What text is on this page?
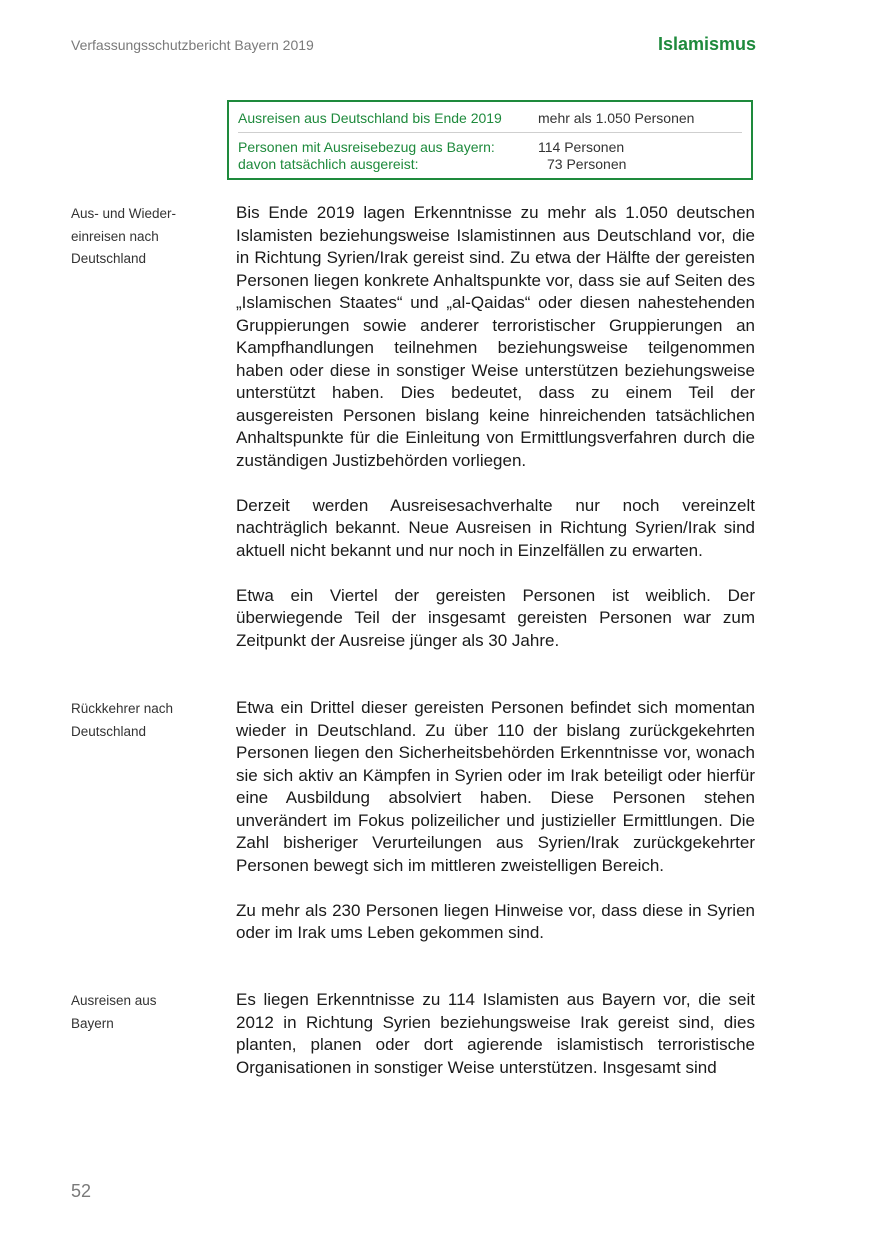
Verfassungsschutzbericht Bayern 2019	Islamismus
Ausreisen aus Deutschland bis Ende 2019	mehr als 1.050 Personen
Personen mit Ausreisebezug aus Bayern:
davon tatsächlich ausgereist:
114 Personen
73 Personen
Aus- und Wieder-
einreisen nach
Deutschland
Rückkehrer nach
Deutschland
Ausreisen aus
Bayern

Bis Ende 2019 lagen Erkenntnisse zu mehr als 1.050 deutschen Islamisten beziehungsweise Islamistinnen aus Deutschland vor, die in Richtung Syrien/Irak gereist sind. Zu etwa der Hälfte der gereisten Personen liegen konkrete Anhaltspunkte vor, dass sie auf Seiten des „Islamischen Staates“ und „al-Qaidas“ oder diesen nahestehenden Gruppierungen sowie anderer terroristischer Gruppierungen an Kampfhandlungen teilnehmen beziehungsweise teilgenommen haben oder diese in sonstiger Weise unterstützen beziehungsweise unterstützt haben. Dies bedeutet, dass zu einem Teil der ausgereisten Personen bislang keine hinreichenden tatsächlichen Anhaltspunkte für die Einleitung von Ermittlungsverfahren durch die zuständigen Justizbehörden vorliegen.

Derzeit werden Ausreisesachverhalte nur noch vereinzelt nachträglich bekannt. Neue Ausreisen in Richtung Syrien/Irak sind aktuell nicht bekannt und nur noch in Einzelfällen zu erwarten.

Etwa ein Viertel der gereisten Personen ist weiblich. Der überwiegende Teil der insgesamt gereisten Personen war zum Zeitpunkt der Ausreise jünger als 30 Jahre.

Etwa ein Drittel dieser gereisten Personen befindet sich momentan wieder in Deutschland. Zu über 110 der bislang zurückgekehrten Personen liegen den Sicherheitsbehörden Erkenntnisse vor, wonach sie sich aktiv an Kämpfen in Syrien oder im Irak beteiligt oder hierfür eine Ausbildung absolviert haben. Diese Personen stehen unverändert im Fokus polizeilicher und justizieller Ermittlungen. Die Zahl bisheriger Verurteilungen aus Syrien/Irak zurückgekehrter Personen bewegt sich im mittleren zweistelligen Bereich.

Zu mehr als 230 Personen liegen Hinweise vor, dass diese in Syrien oder im Irak ums Leben gekommen sind.

Es liegen Erkenntnisse zu 114 Islamisten aus Bayern vor, die seit 2012 in Richtung Syrien beziehungsweise Irak gereist sind, dies planten, planen oder dort agierende islamistisch terroristische Organisationen in sonstiger Weise unterstützen. Insgesamt sind

52
